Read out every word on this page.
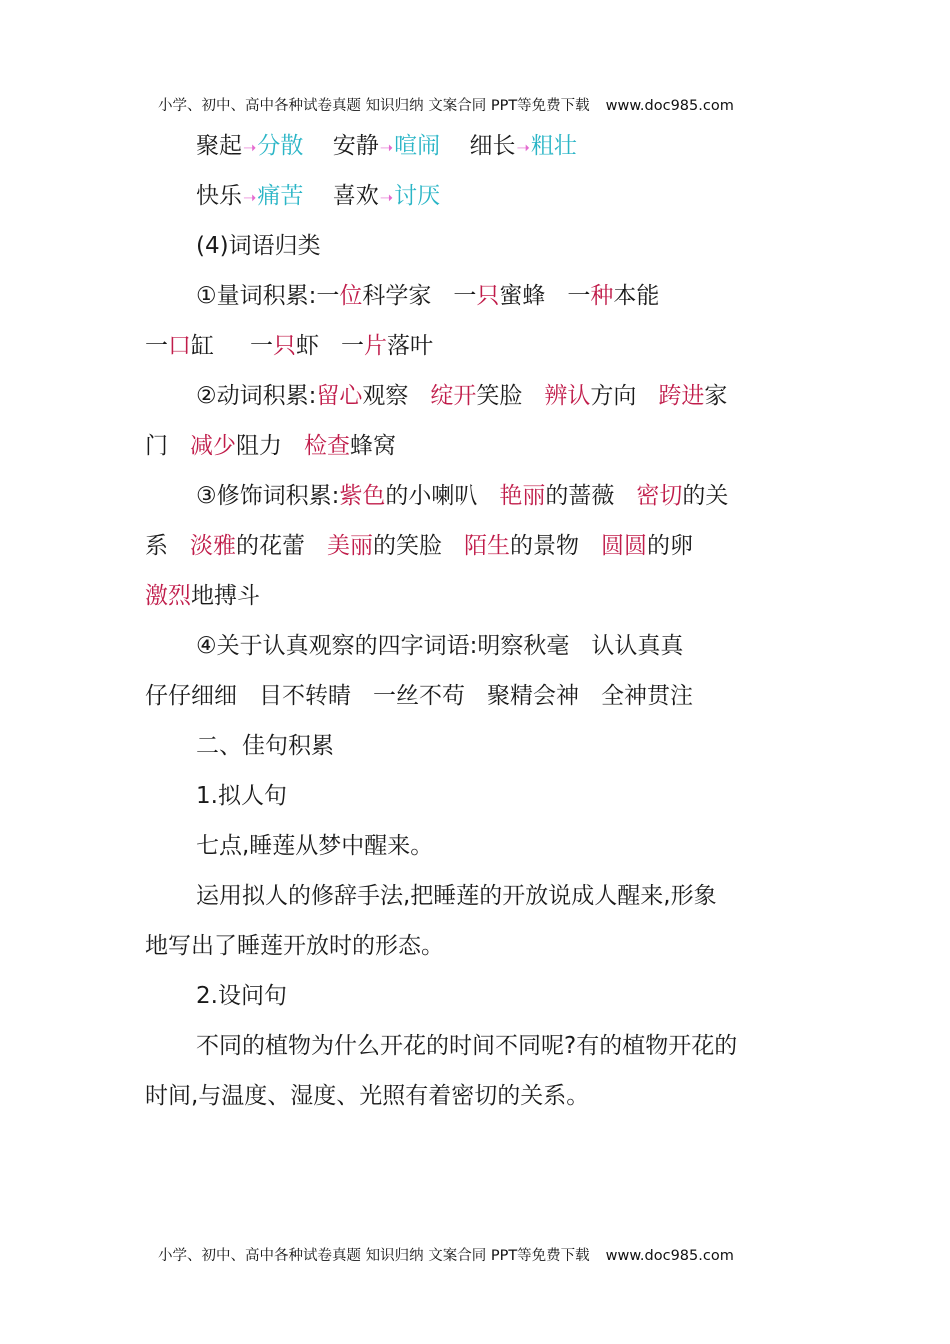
小学、初中、高中各种试卷真题 知识归纳 文案合同 PPT等免费下载 www.doc985.com
聚起➝分散 安静➝喧闹 细长➝粗壮
快乐➝痛苦 喜欢➝讨厌
(4)词语归类
①量词积累:一位科学家 一只蜜蜂 一种本能
一口缸 一只虾 一片落叶
②动词积累:留心观察 绽开笑脸 辨认方向 跨进家
门 减少阻力 检查蜂窝
③修饰词积累:紫色的小喇叭 艳丽的蔷薇 密切的关
系 淡雅的花蕾 美丽的笑脸 陌生的景物 圆圆的卵
激烈地搏斗
④关于认真观察的四字词语:明察秋毫 认认真真
仔仔细细 目不转睛 一丝不苟 聚精会神 全神贯注
二、佳句积累
1.拟人句
七点,睡莲从梦中醒来。
运用拟人的修辞手法,把睡莲的开放说成人醒来,形象
地写出了睡莲开放时的形态。
2.设问句
不同的植物为什么开花的时间不同呢?有的植物开花的
时间,与温度、湿度、光照有着密切的关系。
小学、初中、高中各种试卷真题 知识归纳 文案合同 PPT等免费下载 www.doc985.com
